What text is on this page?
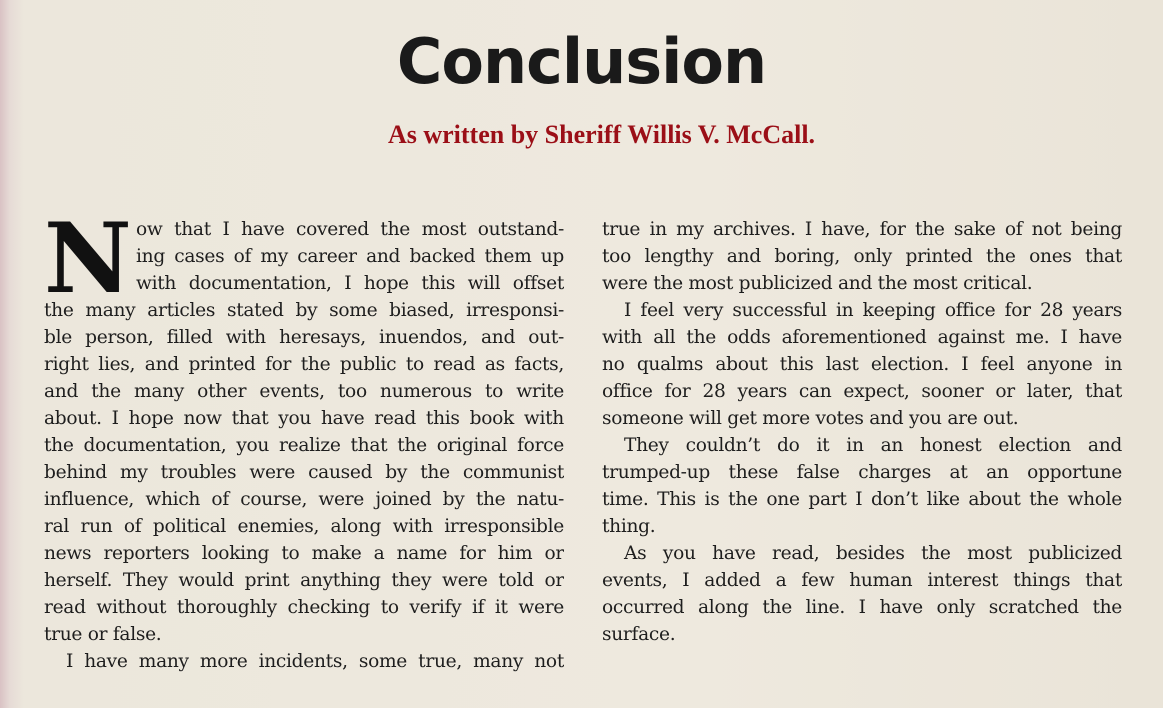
Conclusion
As written by Sheriff Willis V. McCall.
N ow that I have covered the most outstand-
ing cases of my career and backed them up
with documentation, I hope this will offset
the many articles stated by some biased, irresponsi-
ble person, filled with heresays, inuendos, and out-
right lies, and printed for the public to read as facts,
and the many other events, too numerous to write
about. I hope now that you have read this book with
the documentation, you realize that the original force
behind my troubles were caused by the communist
influence, which of course, were joined by the natu-
ral run of political enemies, along with irresponsible
news reporters looking to make a name for him or
herself. They would print anything they were told or
read without thoroughly checking to verify if it were
true or false.
I have many more incidents, some true, many not
true in my archives. I have, for the sake of not being
too lengthy and boring, only printed the ones that
were the most publicized and the most critical.
I feel very successful in keeping office for 28 years
with all the odds aforementioned against me. I have
no qualms about this last election. I feel anyone in
office for 28 years can expect, sooner or later, that
someone will get more votes and you are out.
They couldn’t do it in an honest election and
trumped-up these false charges at an opportune
time. This is the one part I don’t like about the whole
thing.
As you have read, besides the most publicized
events, I added a few human interest things that
occurred along the line. I have only scratched the
surface.
